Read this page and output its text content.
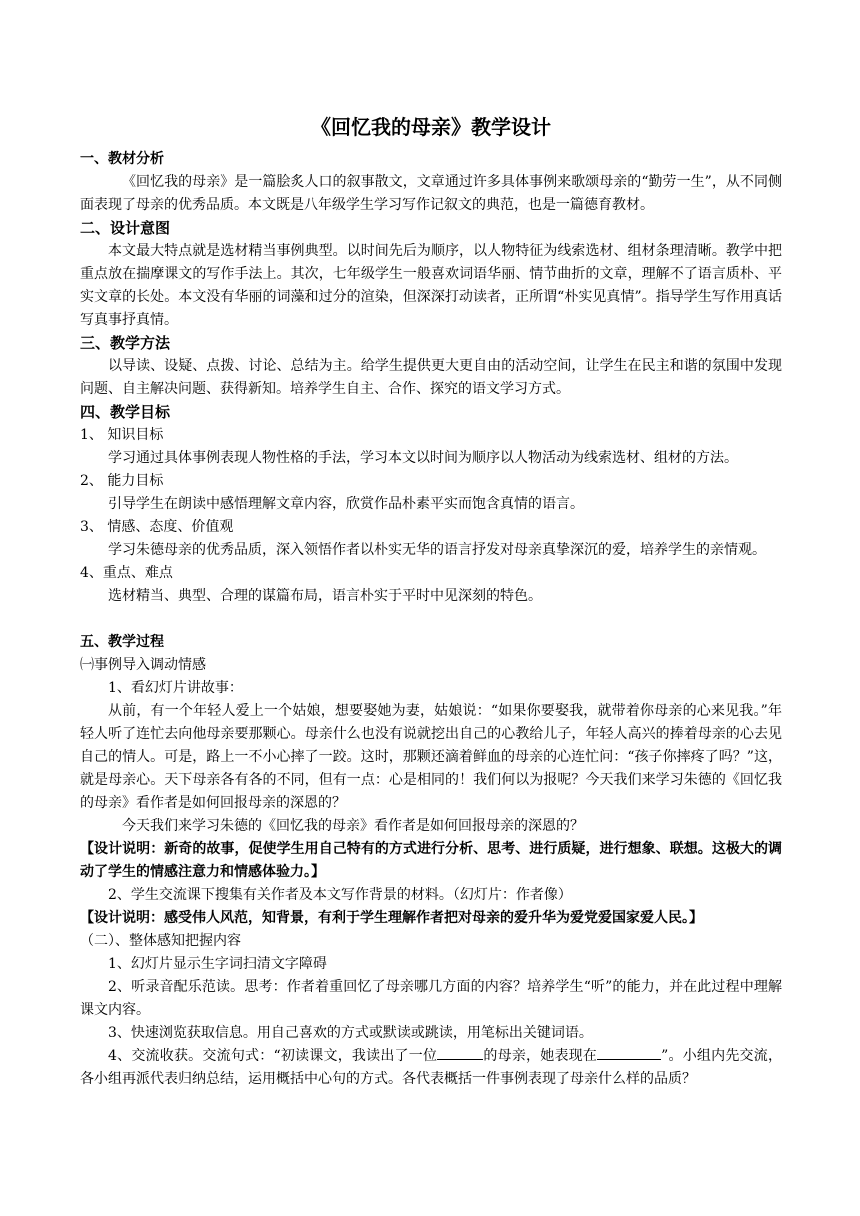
《回忆我的母亲》教学设计
一、教材分析
《回忆我的母亲》是一篇脍炙人口的叙事散文，文章通过许多具体事例来歌颂母亲的“勤劳一生”，从不同侧面表现了母亲的优秀品质。本文既是八年级学生学习写作记叙文的典范，也是一篇德育教材。
二、设计意图
本文最大特点就是选材精当事例典型。以时间先后为顺序，以人物特征为线索选材、组材条理清晰。教学中把重点放在揣摩课文的写作手法上。其次，七年级学生一般喜欢词语华丽、情节曲折的文章，理解不了语言质朴、平实文章的长处。本文没有华丽的词藻和过分的渲染，但深深打动读者，正所谓“朴实见真情”。指导学生写作用真话写真事抒真情。
三、教学方法
以导读、设疑、点拨、讨论、总结为主。给学生提供更大更自由的活动空间，让学生在民主和谐的氛围中发现问题、自主解决问题、获得新知。培养学生自主、合作、探究的语文学习方式。
四、教学目标
1、 知识目标
学习通过具体事例表现人物性格的手法，学习本文以时间为顺序以人物活动为线索选材、组材的方法。
2、 能力目标
引导学生在朗读中感悟理解文章内容，欣赏作品朴素平实而饱含真情的语言。
3、 情感、态度、价值观
学习朱德母亲的优秀品质，深入领悟作者以朴实无华的语言抒发对母亲真挚深沉的爱，培养学生的亲情观。
4、重点、难点
选材精当、典型、合理的谋篇布局，语言朴实于平时中见深刻的特色。
五、教学过程
㈠事例导入调动情感
1、看幻灯片讲故事：
从前，有一个年轻人爱上一个姑娘，想要娶她为妻，姑娘说：“如果你要娶我，就带着你母亲的心来见我。”年轻人听了连忙去向他母亲要那颗心。母亲什么也没有说就挖出自己的心教给儿子，年轻人高兴的捧着母亲的心去见自己的情人。可是，路上一不小心摔了一跤。这时，那颗还滴着鲜血的母亲的心连忙问：“孩子你摔疼了吗？”这，就是母亲心。天下母亲各有各的不同，但有一点：心是相同的！我们何以为报呢？今天我们来学习朱德的《回忆我的母亲》看作者是如何回报母亲的深恩的？
今天我们来学习朱德的《回忆我的母亲》看作者是如何回报母亲的深恩的？
【设计说明：新奇的故事，促使学生用自己特有的方式进行分析、思考、进行质疑，进行想象、联想。这极大的调动了学生的情感注意力和情感体验力。】
2、学生交流课下搜集有关作者及本文写作背景的材料。（幻灯片：作者像）
【设计说明：感受伟人风范，知背景，有利于学生理解作者把对母亲的爱升华为爱党爱国家爱人民。】
（二）、整体感知把握内容
1、幻灯片显示生字词扫清文字障碍
2、听录音配乐范读。思考：作者着重回忆了母亲哪几方面的内容？培养学生“听”的能力，并在此过程中理解课文内容。
3、快速浏览获取信息。用自己喜欢的方式或默读或跳读，用笔标出关键词语。
4、交流收获。交流句式：“初读课文，我读出了一位	的母亲，她表现在	”。小组内先交流，各小组再派代表归纳总结，运用概括中心句的方式。各代表概括一件事例表现了母亲什么样的品质？
